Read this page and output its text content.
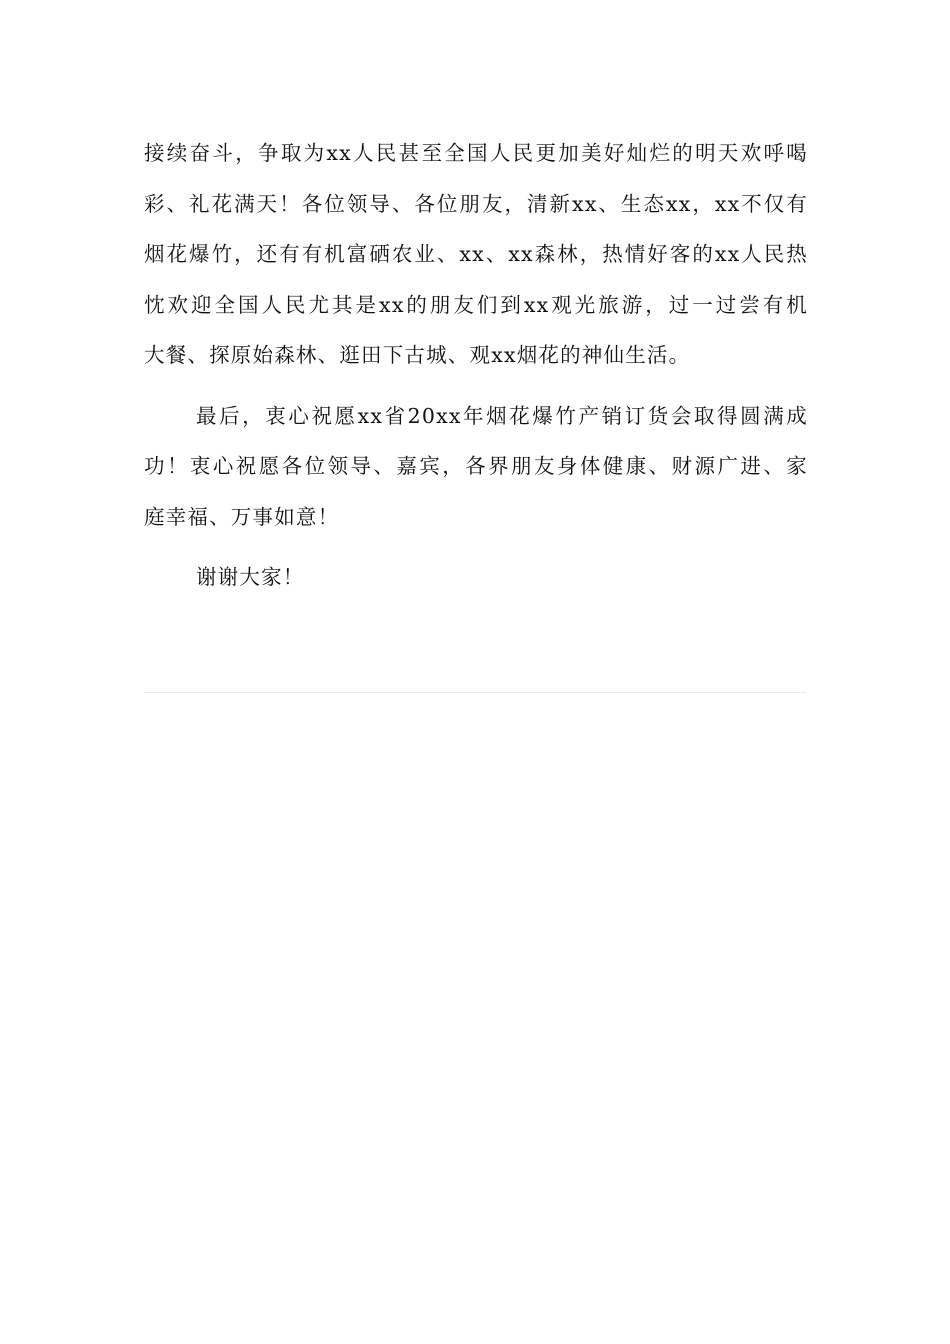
接续奋斗，争取为xx人民甚至全国人民更加美好灿烂的明天欢呼喝
彩、礼花满天！各位领导、各位朋友，清新xx、生态xx，xx不仅有
烟花爆竹，还有有机富硒农业、xx、xx森林，热情好客的xx人民热
忱欢迎全国人民尤其是xx的朋友们到xx观光旅游，过一过尝有机
大餐、探原始森林、逛田下古城、观xx烟花的神仙生活。
最后，衷心祝愿xx省20xx年烟花爆竹产销订货会取得圆满成
功！衷心祝愿各位领导、嘉宾，各界朋友身体健康、财源广进、家
庭幸福、万事如意！
谢谢大家！
